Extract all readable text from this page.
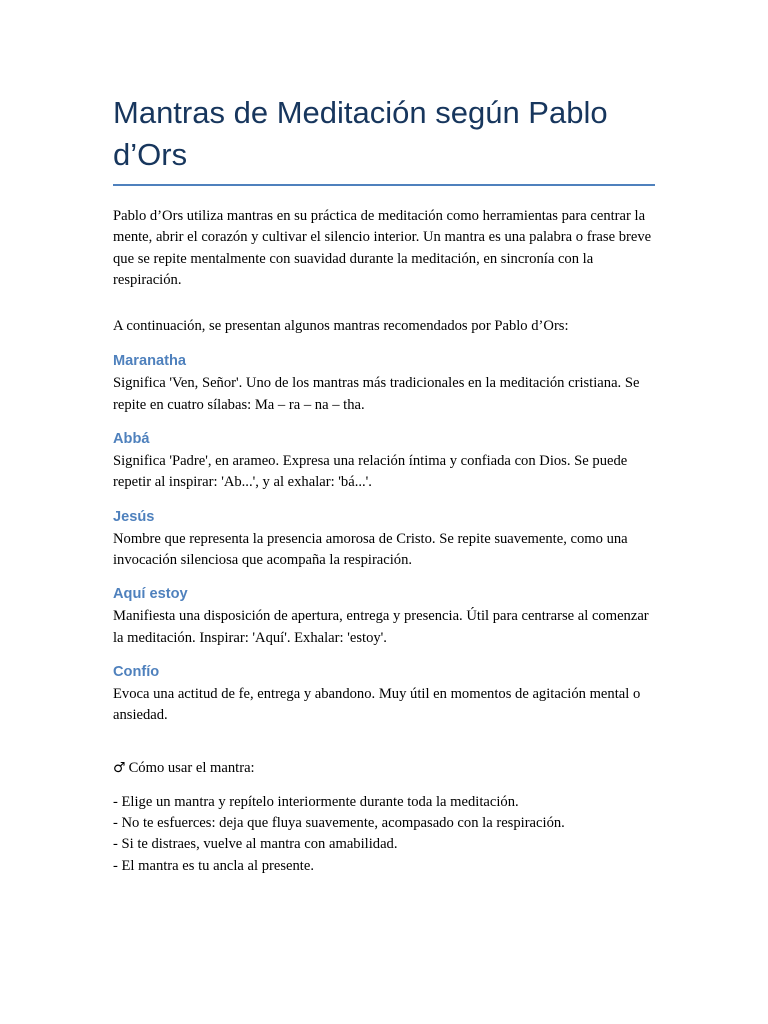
Mantras de Meditación según Pablo d’Ors

Pablo d’Ors utiliza mantras en su práctica de meditación como herramientas para centrar la mente, abrir el corazón y cultivar el silencio interior. Un mantra es una palabra o frase breve que se repite mentalmente con suavidad durante la meditación, en sincronía con la respiración.

A continuación, se presentan algunos mantras recomendados por Pablo d’Ors:

Maranatha

Significa 'Ven, Señor'. Uno de los mantras más tradicionales en la meditación cristiana. Se repite en cuatro sílabas: Ma – ra – na – tha.

Abbá

Significa 'Padre', en arameo. Expresa una relación íntima y confiada con Dios. Se puede repetir al inspirar: 'Ab...', y al exhalar: 'bá...'.

Jesús

Nombre que representa la presencia amorosa de Cristo. Se repite suavemente, como una invocación silenciosa que acompaña la respiración.

Aquí estoy

Manifiesta una disposición de apertura, entrega y presencia. Útil para centrarse al comenzar la meditación. Inspirar: 'Aquí'. Exhalar: 'estoy'.

Confío

Evoca una actitud de fe, entrega y abandono. Muy útil en momentos de agitación mental o ansiedad.

♂ Cómo usar el mantra:

- Elige un mantra y repítelo interiormente durante toda la meditación.
- No te esfuerces: deja que fluya suavemente, acompasado con la respiración.
- Si te distraes, vuelve al mantra con amabilidad.
- El mantra es tu ancla al presente.
